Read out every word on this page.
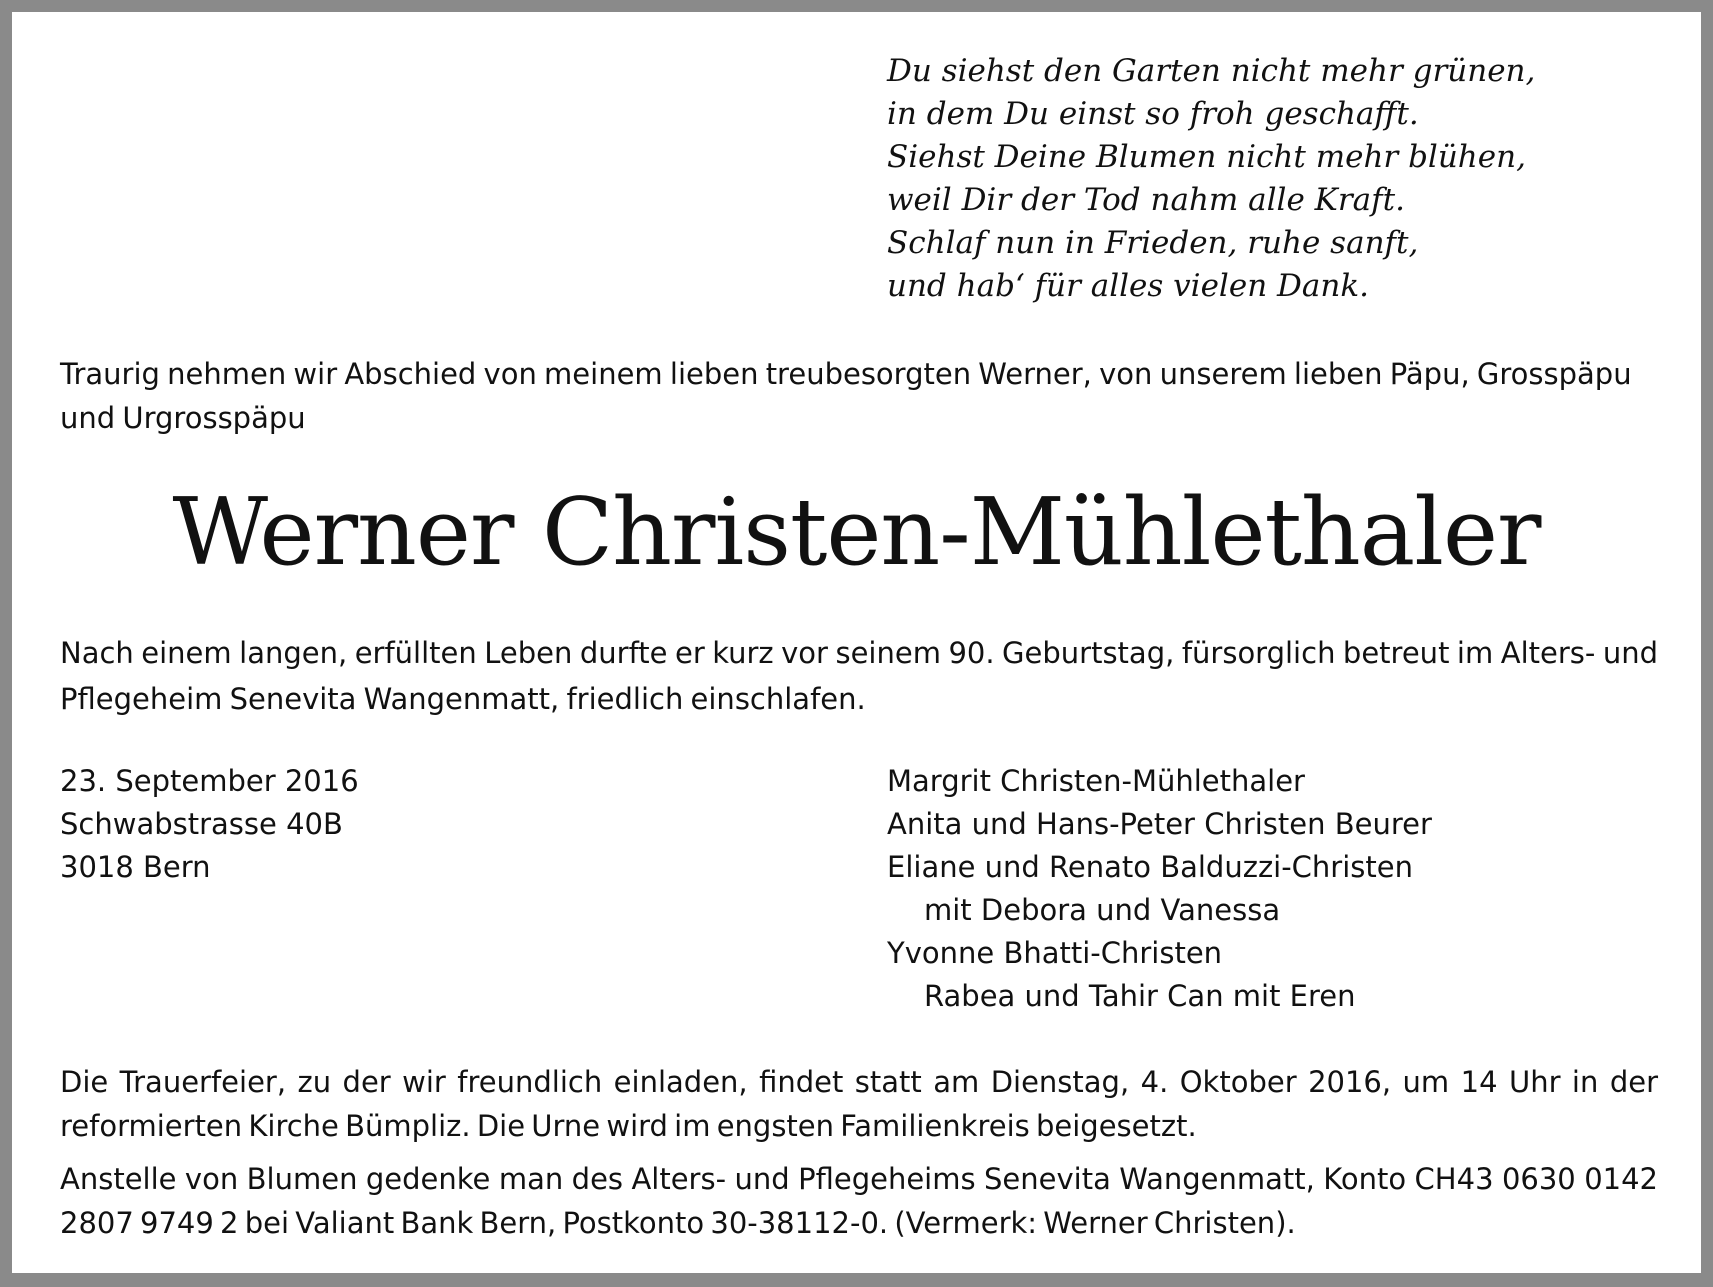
Du siehst den Garten nicht mehr grünen,
in dem Du einst so froh geschafft.
Siehst Deine Blumen nicht mehr blühen,
weil Dir der Tod nahm alle Kraft.
Schlaf nun in Frieden, ruhe sanft,
und hab‘ für alles vielen Dank.
Traurig nehmen wir Abschied von meinem lieben treubesorgten Werner, von unserem lieben Päpu, Grosspäpu und Urgrosspäpu
Werner Christen-Mühlethaler
Nach einem langen, erfüllten Leben durfte er kurz vor seinem 90. Geburtstag, fürsorglich betreut im Alters- und Pflegeheim Senevita Wangenmatt, friedlich einschlafen.
23. September 2016
Schwabstrasse 40B
3018 Bern
Margrit Christen-Mühlethaler
Anita und Hans-Peter Christen Beurer
Eliane und Renato Balduzzi-Christen
mit Debora und Vanessa
Yvonne Bhatti-Christen
Rabea und Tahir Can mit Eren
Die Trauerfeier, zu der wir freundlich einladen, findet statt am Dienstag, 4. Oktober 2016, um 14 Uhr in der reformierten Kirche Bümpliz. Die Urne wird im engsten Familienkreis beigesetzt.
Anstelle von Blumen gedenke man des Alters- und Pflegeheims Senevita Wangenmatt, Konto CH43 0630 0142 2807 9749 2 bei Valiant Bank Bern, Postkonto 30-38112-0. (Vermerk: Werner Christen).
